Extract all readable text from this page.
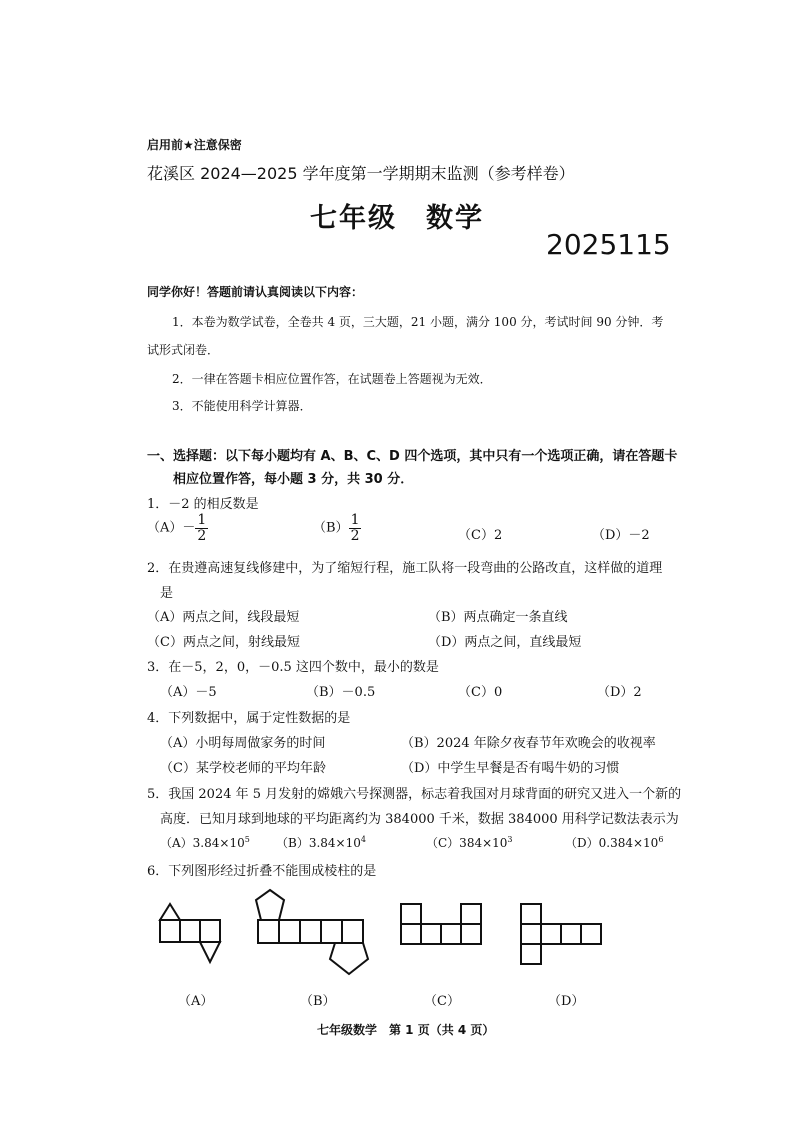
启用前★注意保密
花溪区 2024—2025 学年度第一学期期末监测（参考样卷）
七年级　数学
2025115
同学你好！答题前请认真阅读以下内容：
1．本卷为数学试卷，全卷共 4 页，三大题，21 小题，满分 100 分，考试时间 90 分钟．考
试形式闭卷．
2．一律在答题卡相应位置作答，在试题卷上答题视为无效．
3．不能使用科学计算器．
一、选择题：以下每小题均有 A、B、C、D 四个选项，其中只有一个选项正确，请在答题卡
相应位置作答，每小题 3 分，共 30 分．
1．－2 的相反数是
$(A)- \frac{1}{2}$	$(B) \frac{1}{2}$	（C）2	（D）－2
2．在贵遵高速复线修建中，为了缩短行程，施工队将一段弯曲的公路改直，这样做的道理
是
（A）两点之间，线段最短	（B）两点确定一条直线
（C）两点之间，射线最短	（D）两点之间，直线最短
3．在－5，2，0，－0.5 这四个数中，最小的数是
（A）－5	（B）－0.5	（C）0	（D）2
4．下列数据中，属于定性数据的是
（A）小明每周做家务的时间	（B）2024 年除夕夜春节年欢晚会的收视率
（C）某学校老师的平均年龄	（D）中学生早餐是否有喝牛奶的习惯
5．我国 2024 年 5 月发射的嫦娥六号探测器，标志着我国对月球背面的研究又进入一个新的
高度．已知月球到地球的平均距离约为 384000 千米，数据 384000 用科学记数法表示为
$(A)3.84\times 10^5$ $(B)3.84\times 10^4$	$(C)384\times 10^3$	$(D)0.384\times 10^6$
6．下列图形经过折叠不能围成棱柱的是
（A）	（B）	（C）	（D）
七年级数学　第 1 页（共 4 页）
